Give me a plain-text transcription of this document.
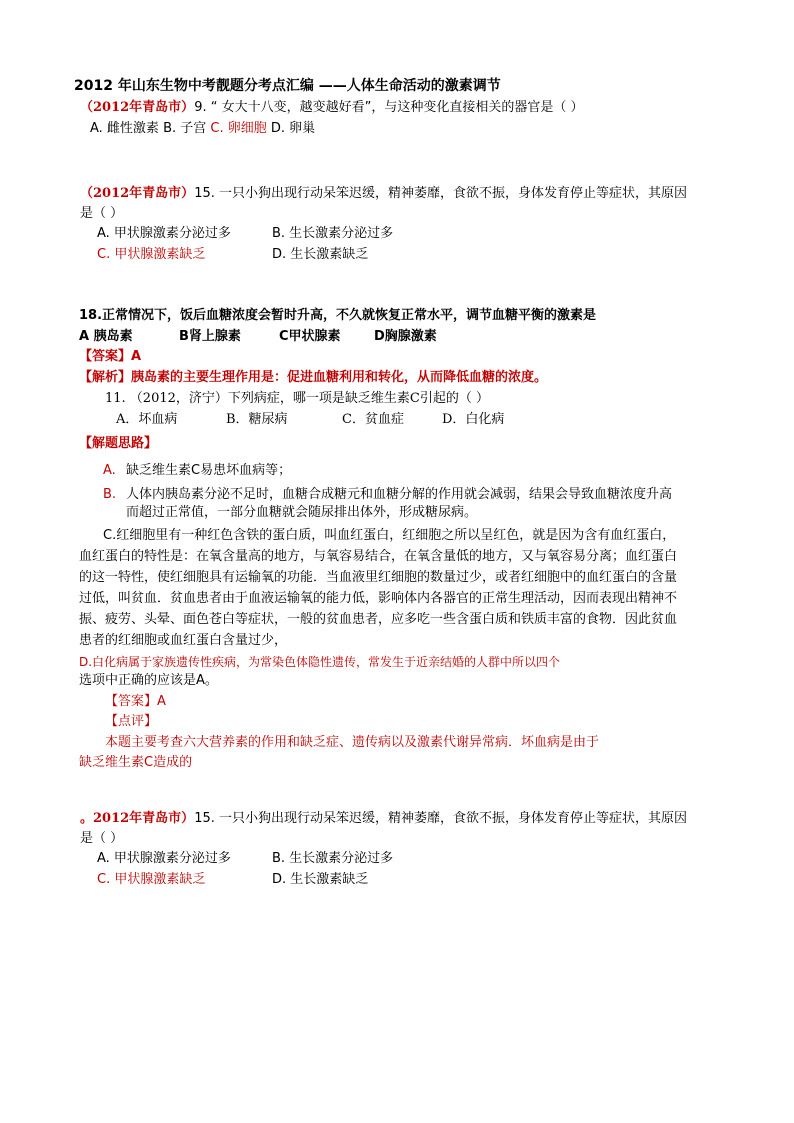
2012 年山东生物中考靓题分考点汇编 ——人体生命活动的激素调节
（2012年青岛市）9. “ 女大十八变，越变越好看”，与这种变化直接相关的器官是（ ）
A. 雌性激素 B. 子宫 C. 卵细胞 D. 卵巢
（2012年青岛市）15. 一只小狗出现行动呆笨迟缓，精神萎靡，食欲不振，身体发育停止等症状，其原因
是（ ）
A. 甲状腺激素分泌过多	B. 生长激素分泌过多
C. 甲状腺激素缺乏	D. 生长激素缺乏
18.正常情况下，饭后血糖浓度会暂时升高，不久就恢复正常水平，调节血糖平衡的激素是
A 胰岛素	B肾上腺素	C甲状腺素	D胸腺激素
【答案】A
【解析】胰岛素的主要生理作用是：促进血糖利用和转化，从而降低血糖的浓度。
11. （2012，济宁）下列病症，哪一项是缺乏维生素C引起的（ ）
A．坏血病	B．糖尿病	C．贫血症	D．白化病
【解题思路】
A. 缺乏维生素C易患坏血病等；
B. 人体内胰岛素分泌不足时，血糖合成糖元和血糖分解的作用就会减弱，结果会导致血糖浓度升高
而超过正常值，一部分血糖就会随尿排出体外，形成糖尿病。
C.红细胞里有一种红色含铁的蛋白质，叫血红蛋白，红细胞之所以呈红色，就是因为含有血红蛋白，
血红蛋白的特性是：在氧含量高的地方，与氧容易结合，在氧含量低的地方，又与氧容易分离；血红蛋白
的这一特性，使红细胞具有运输氧的功能．当血液里红细胞的数量过少，或者红细胞中的血红蛋白的含量
过低，叫贫血．贫血患者由于血液运输氧的能力低，影响体内各器官的正常生理活动，因而表现出精神不
振、疲劳、头晕、面色苍白等症状，一般的贫血患者，应多吃一些含蛋白质和铁质丰富的食物．因此贫血
患者的红细胞或血红蛋白含量过少，
D.白化病属于家族遗传性疾病，为常染色体隐性遗传，常发生于近亲结婚的人群中所以四个
选项中正确的应该是A。
【答案】A
【点评】
本题主要考查六大营养素的作用和缺乏症、遗传病以及激素代谢异常病．坏血病是由于
缺乏维生素C造成的
。2012年青岛市）15. 一只小狗出现行动呆笨迟缓，精神萎靡，食欲不振，身体发育停止等症状，其原因
是（ ）
A. 甲状腺激素分泌过多	B. 生长激素分泌过多
C. 甲状腺激素缺乏	D. 生长激素缺乏
